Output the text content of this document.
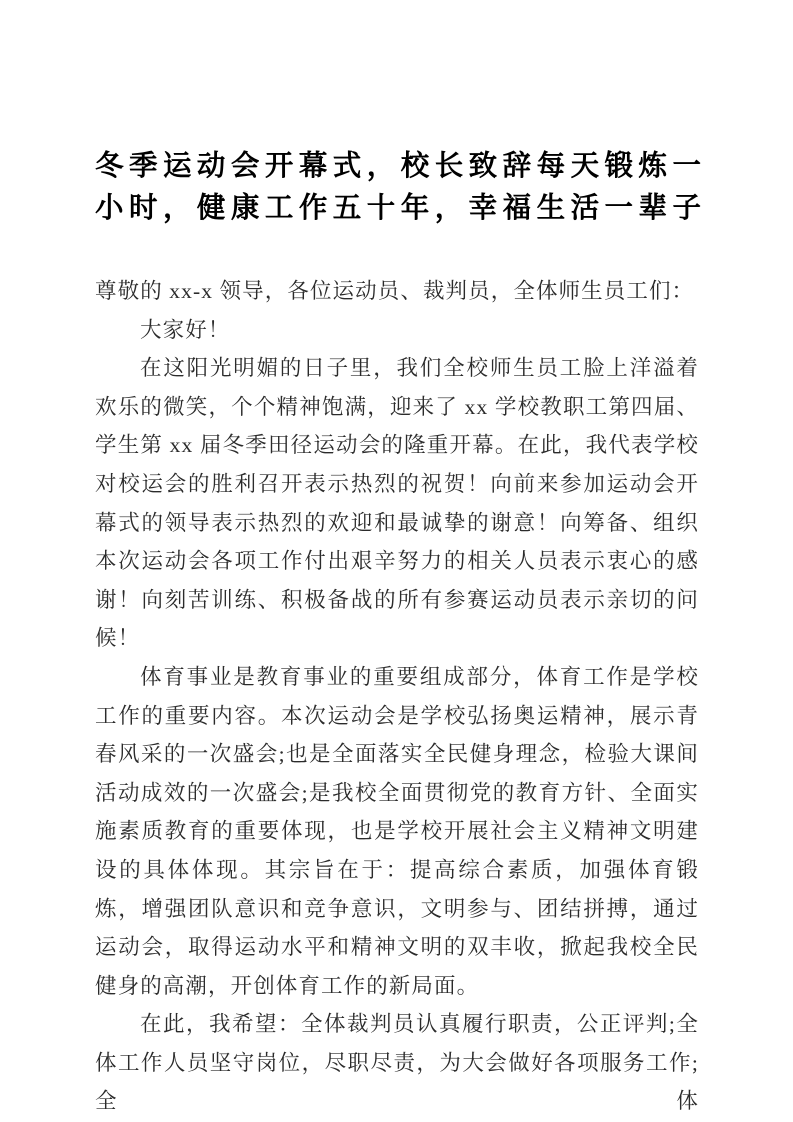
冬季运动会开幕式，校长致辞每天锻炼一
小时，健康工作五十年，幸福生活一辈子

尊敬的 xx-x 领导，各位运动员、裁判员，全体师生员工们：

大家好！

在这阳光明媚的日子里，我们全校师生员工脸上洋溢着欢乐的微笑，个个精神饱满，迎来了 xx 学校教职工第四届、学生第 xx 届冬季田径运动会的隆重开幕。在此，我代表学校对校运会的胜利召开表示热烈的祝贺！向前来参加运动会开幕式的领导表示热烈的欢迎和最诚挚的谢意！向筹备、组织本次运动会各项工作付出艰辛努力的相关人员表示衷心的感谢！向刻苦训练、积极备战的所有参赛运动员表示亲切的问候！

体育事业是教育事业的重要组成部分，体育工作是学校工作的重要内容。本次运动会是学校弘扬奥运精神，展示青春风采的一次盛会;也是全面落实全民健身理念，检验大课间活动成效的一次盛会;是我校全面贯彻党的教育方针、全面实施素质教育的重要体现，也是学校开展社会主义精神文明建设的具体体现。其宗旨在于：提高综合素质，加强体育锻炼，增强团队意识和竞争意识，文明参与、团结拼搏，通过运动会，取得运动水平和精神文明的双丰收，掀起我校全民健身的高潮，开创体育工作的新局面。

在此，我希望：全体裁判员认真履行职责，公正评判;全体工作人员坚守岗位，尽职尽责，为大会做好各项服务工作;全体
